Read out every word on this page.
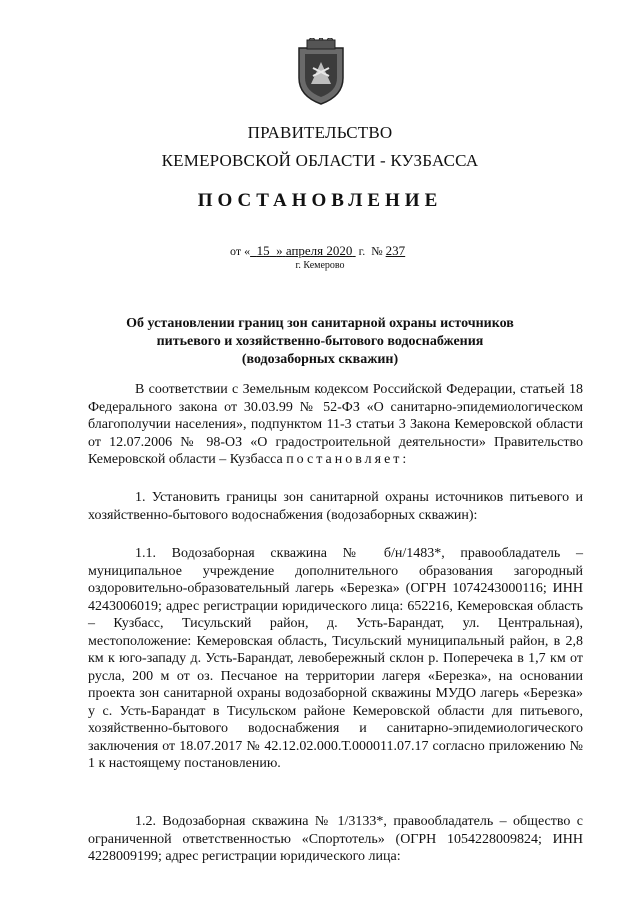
ПРАВИТЕЛЬСТВО
КЕМЕРОВСКОЙ ОБЛАСТИ - КУЗБАССА
ПОСТАНОВЛЕНИЕ
от « 15 » апреля 2020 г. № 237
г. Кемерово
Об установлении границ зон санитарной охраны источников питьевого и хозяйственно-бытового водоснабжения (водозаборных скважин)
В соответствии с Земельным кодексом Российской Федерации, статьей 18 Федерального закона от 30.03.99 № 52-ФЗ «О санитарно-эпидемиологическом благополучии населения», подпунктом 11-3 статьи 3 Закона Кемеровской области от 12.07.2006 № 98-ОЗ «О градостроительной деятельности» Правительство Кемеровской области – Кузбасса постановляет:
1. Установить границы зон санитарной охраны источников питьевого и хозяйственно-бытового водоснабжения (водозаборных скважин):
1.1. Водозаборная скважина № б/н/1483*, правообладатель – муниципальное учреждение дополнительного образования загородный оздоровительно-образовательный лагерь «Березка» (ОГРН 1074243000116; ИНН 4243006019; адрес регистрации юридического лица: 652216, Кемеровская область – Кузбасс, Тисульский район, д. Усть-Барандат, ул. Центральная), местоположение: Кемеровская область, Тисульский муниципальный район, в 2,8 км к юго-западу д. Усть-Барандат, левобережный склон р. Поперечека в 1,7 км от русла, 200 м от оз. Песчаное на территории лагеря «Березка», на основании проекта зон санитарной охраны водозаборной скважины МУДО лагерь «Березка» у с. Усть-Барандат в Тисульском районе Кемеровской области для питьевого, хозяйственно-бытового водоснабжения и санитарно-эпидемиологического заключения от 18.07.2017 № 42.12.02.000.Т.000011.07.17 согласно приложению № 1 к настоящему постановлению.
1.2. Водозаборная скважина № 1/3133*, правообладатель – общество с ограниченной ответственностью «Спортотель» (ОГРН 1054228009824; ИНН 4228009199; адрес регистрации юридического лица:
